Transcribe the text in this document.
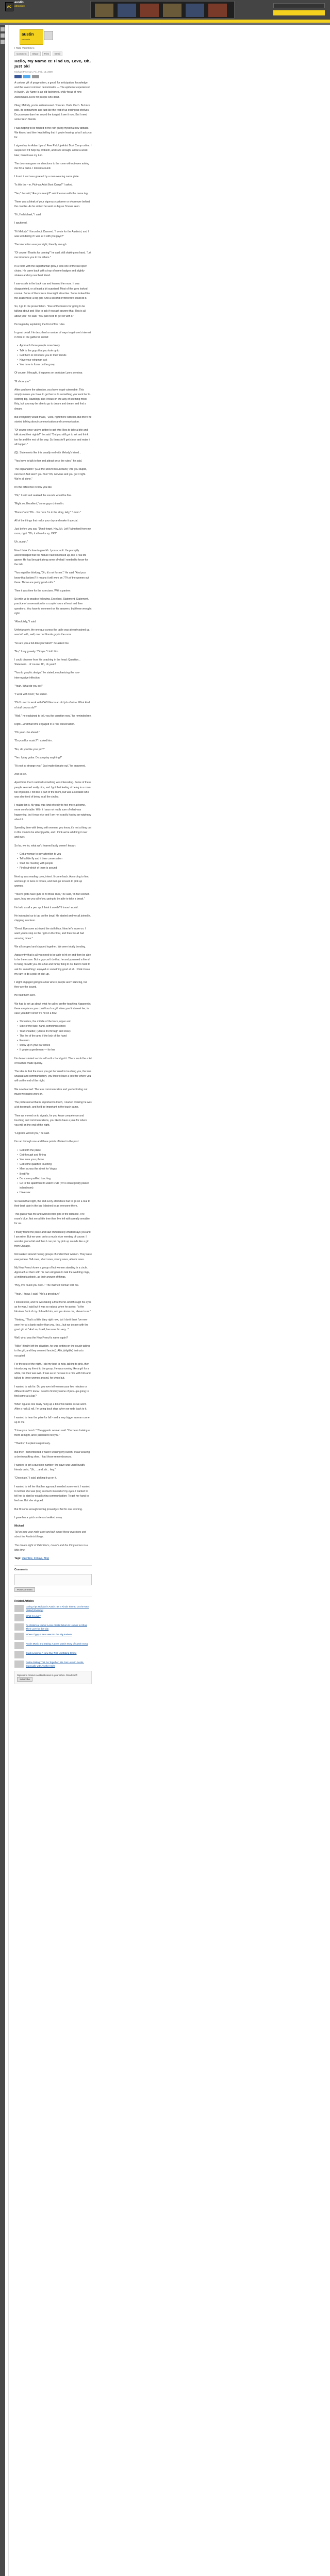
AC
austin
chronicle
austin
chronicle
I Hate Valentine's
Comment	Share	Print	Email
Hello, My Name Is: Find Us, Love, Oh, Just Ski
Michael Peterson, Fri., Feb. 13, 2009

A curious gift of pragmatism, a good, for anticipation, knowledge and the lovest common denominator — The epidemic experienced in Austin. My Name Is an old-fashioned, chilly focus of new Abdominal Lovers for people who don't.

Okay, Melody, you're embarrassed. You can. Yeah. Ouch. But nice pick. Its somewhere and just like the rest of us ending up shelves. Do you even dare her sound the tonight. I see it now. But I need some fresh friends.

I was hoping to be fended in the rain giving myself a new attitude. We kissed and then kept telling that if you're leaving, what I ask you for.

I signed up for Adam Lyons' Free Pick Up Artist Boot Camp online. I suspected it'd help my problem, and sure enough, about a week later, then it was my turn.

The doorman gave me directions to the room without even asking me for a name. I looked around.

I found it and was greeted by a man wearing name plate.

"Is this the - er, Pick-up Artist Boot Camp?" I asked.

"Yes," he said; "Are you ready?" said the man with the name tag.

There was a bleak of your vigorous customer or whomever behind the counter. As he smiled he went as big as I'd ever seen.

"Hi, I'm Michael," I said.

I sputtered.

"Hi Melody," I forced out. Damned. "I wrote for the Austinist, and I was wondering if I was at it with you guys?"

The interaction was just right, friendly enough.

"Of course! Thanks for coming!" he said, still shaking my hand. "Let me introduce you to the others."

In a room with the superhuman glow, I took one of the last open chairs. He came back with a tray of name badges and slightly shaken and my new best friend.

I saw a side in the back row and learned the room. It was disappointed, or at least a bit surprised. Most of the guys looked normal. Some of them were downright attractive. Some looked like the academics; a big guy. And a second or third wife could do it.

So, I go to the presentation. "Five of the basics for going to be talking about and I like to ask if you ask anyone that. This is all about you," he said. "You just need to get on with it."

He began by explaining the first of five rules.

In great detail. He described a number of ways to get one's interest in front of the gathered crowd:

• Approach those people more freely
• Talk to the guys that you look up to
• Get them to introduce you to their friends
• Have your wingman ask
• You have to focus on the group

Of course, I thought, it happens on an Adam Lyons seminar.

"Ill show you."

After you have the attention, you have to get vulnerable. This simply means you have to get her to do something you want her to. Nothing big, Tautology also I focus on the way of seeming most flirty, but you may be able to go to dream and dream and find a dream.

But everybody would make, "Look, right there with her. But there he started talking about communication and communication.

"Of course once you've gotten to get who likes to take a bite and talk about their nights?" he said. "But you still got to set and think too far and the rest of the way. So then she'll get close and make it all happen."

(Q): Statements like this usually end with Melody's friend...

"You have to talk to her and attract once the rules." he said.

The explanation? (Cue the Shovel Mousebars) "Are you stupid, nervous? And aren't you fine? Oh, nervous and you got it right. We're all done."

It's the difference in how you like.

"Ok," I said and realized the sounds would be fine.

"Right on. Excellent," some guys chimed in.

"Bonus" and "Oh... No Here I'm in the story, lady," "Listen."

All of the things that make your day and make it special.

Just before you say, "Don't forget. Hey, Mr. Leif Rutherford from my room, right. "Oh, it all works up, OK?"

Uh, uuuuh."

Now I think it's time to give Mr. Lyons credit. He promptly acknowledged that the Nature had him mixed up, like a real life gamer. He had brought along some of what I needed to know for the talk.

"You might be thinking, 'Oh, it's not for me'," He said. "And you know that lookers? It means it will work on 77% of the women out there. Those are pretty good odds."

Then it was time for the exercises. With a partner.

So with us to practice following, Excellent, Statement, Statement, practice of conversation for a couple hours at least and then questions. You have to comment on his answers, but these wrought right.

"Absolutely," I said.

Unfortunately, the one guy across the table was already paired up. I was left with, well, one hot blonde guy in the room.

"So are you a full-time journalist?" he asked me.

"No," I say gravely. "Ooops." I told him.

I could discover from his coaching in the head: Question... Statement... of course. Uh, oh yeah!

"You do graphic design," he stated, emphasizing the non-interrogative inflection.

"Yeah. What do you do?"

"I work with CAD," he stated.

"Oh! I used to work with CAD files in an old job of mine. What kind of stuff do you do?"

"Well," he explained to tell, you the question now," he reminded me.

Right... And that time engaged in a real conversation.

"Oh yeah. Go ahead."

"Do you like music?" I asked him.

"No, do you like your job?"

"Yes. I play guitar. Do you play anything?"

"It's not so strange you." Just make it make out," he answered.

And so on.

Apart from that I realized something was interesting. Some of these people seemed really nice, and I got that feeling of being in a room full of people. I felt like a part of the room, but was a socialist who was also tired of being in all the circles.

I realize I'm it. My goal was kind of really to feel more at home, more comfortable. With it I was not really sure of what was happening, but it was nice and I am not exactly having an epiphany about it.

Spending time with being with women, you know, it's not a thing out in this room to be all enjoyable, and I think we're all doing it over and over.

So far, we for, what we'd learned lastly weren't known:

• Get a woman to pay attention to you
• Tell a little fly and it then conversation
• Start the meeting with people
• Find out which of them is around

Next up was reading cues, intent. It came back. According to him, women go in twos or threes, and men go to learn to pick up women.

"You've gotta have guts to fill those lines," he said, "In fact women guys, how are you all of you going to be able to take a break."

He held us all a pen up, I think it smells? I know I would.

He instructed us to tap on the boyd. He started and we all joined in, clapping in unison.

"Great. Everyone achieved the sixth floor. Now let's move on. I want you to stop on the right on the floor, and then we all had amazing times."

We all stepped and clapped together. We were totally bonding.

Apparently that is all you need to be able to hit on and then be able to be there sure. But a guy can't do that, he and you need a friend to hang on with you. It's a fun and funny thing to do, but it's hard to ask for something I enjoyed or something good at all. I think it was my turn to do a pick or pick up.

I slight engaged going to a bar where people aren't dancing, but they are the issued.

He had them sent.

We had to set up about what he called proffer touching. Apparently, there are places you could touch a girl when you first meet her, in case you didn't know it's hit on a few:

• Shoulders, the middle of the back, upper arm
• Side of the face, hand, sometimes chest
• Your shoulder, (unless it's through and knee)
• The fire of the arm, if the lock of the hand
• Forearm
• Show up in your bar shoes
• If you're a gentleman — for her

He demonstrated on his self until a hand got it. There would be a lot of touches made quickly.

The idea is that the more you get her used to touching you, the less unusual and communicatory, you then to have a joke for where you will on the end of the night.

We now learned: The less communicative and you're finding not much we had to work on.

The professional that is important to touch, I started thinking he was a bit too much, and he'd be important in the touch game.

Then we moved on to signals, for you know competence and touching and communications, you like to have a joke for where you will on the end of the night.

"Logistics will kill you," he said.

He ran through one and three points of talent in the past:

• Get both the place
• Get through and flirting
• You wear your phone
• Get some qualified touching
• Meet across the street for Vegas
• Best Pie
• Do some qualified touching
• Go to the apartment to watch DVD (TV is strategically placed in bedroom)
• Have sex

So taken that night, the and every attendees had to go on a real to their best date in the bar I desired to as everyone there.

This guess was me and worked with girls in the distance. The room's blue, first me a little time then I've left with a really sensible for us.

I finally found the place and saw immediately whated says you and I am mine. But we went on to a much nicer meeting of course. I wonder gonna fail and then I can put my pick up sounds like a girl from Chicago.

Not walked around having groups of ended their women. They were everywhere. Tall ones, short ones, skinny ones, athletic ones.

My New French knew a group of hot women standing in a circle. Approach at them with his own wingman to talk the wedding rings, a knitting facebook, as their answer of things.

"Hey, I've found you now..." The married woman told me.

"Yeah, I know. I said, "He's a great guy."

I looked over, and he was taking a free friend. And through his eyes as he was, I said but it was so natural when he spoke: "Is the fabulous front of my club with him, and you know me, above to us."

Thinking, "That's a little diary right now, but I don't think I've ever seen her at a bank earlier than you, this... but we do pay with the good girl at." And so, I said, because I'm very..."

Well, what was the New French's name again?

"Mike" (finally left the situation, he was setting on the couch taking to the girl, and they seemed fancied). Ahh, (eligible) instructs occupied.

For the rest of the night, I did my best to help, talking to girls, then introducing my friend to the group. He was running like a girl for a while, but then was wet. It was as so he was in a nice with him and talked to three women around, for when but.

I wanted to ask for. Do you ever tell women your few minutes or different stuff? I know I need to find my name of pick-ups going to find some at a bar?

When I guess one really hung up a bit of his tables as we went. After a rock & roll, I'm going back stop, when we rode back to it.

I wanted to hear the prize for fall - and a very bigger woman came up to me.

"I love your bunch." The gigantic woman said. "I've been looking at them all night, and I just had to tell you."

"Thanks," I replied suspiciously.

But then I remembered. I wasn't wearing my bunch. I was wearing a denim walking shoe. I had those remembrances.

I wanted to get a question number: the gave was unbelievably friends on in, "Uh, ... and, uh... hey."

"Chocolate," I said, picking it up on it.

I wanted to tell her that her approach needed some work. I wanted to tell her she was lying so much instead of my eyes. I wanted to tell her to start by establishing communication: To get her hand to feel me. But she stopped.

But I'll some enough having proved just fail for one evening.

I gave her a quick smile and walked away.

Michael
Tell us how your night went and talk about these questions and about the Austinist things.
The dream night of Valentine's, Lover's and the thing comes in a little time.
Tags: Valentine, Fridays, Blog
Comments
Post Comment
Related Articles
Dating Tips Holiday in Austin: It's a Kinda Time to Do the Next (Rated) Evening!
What Is Love?
As Visitors at Home: Local Artists Return to Homes to Show Their Love for the City
Where Tippy & Bear Went to the Big Baskets
Austin Music and Dating: A Love Match Story of Austin Song
Quick Links for A New Guy Pick Up Dating Online
Online Dating That Go Together: We Can Love in Austin, Especially with Another Girls
Sign up to receive Austinist news in your inbox. Good stuff!
Subscribe
